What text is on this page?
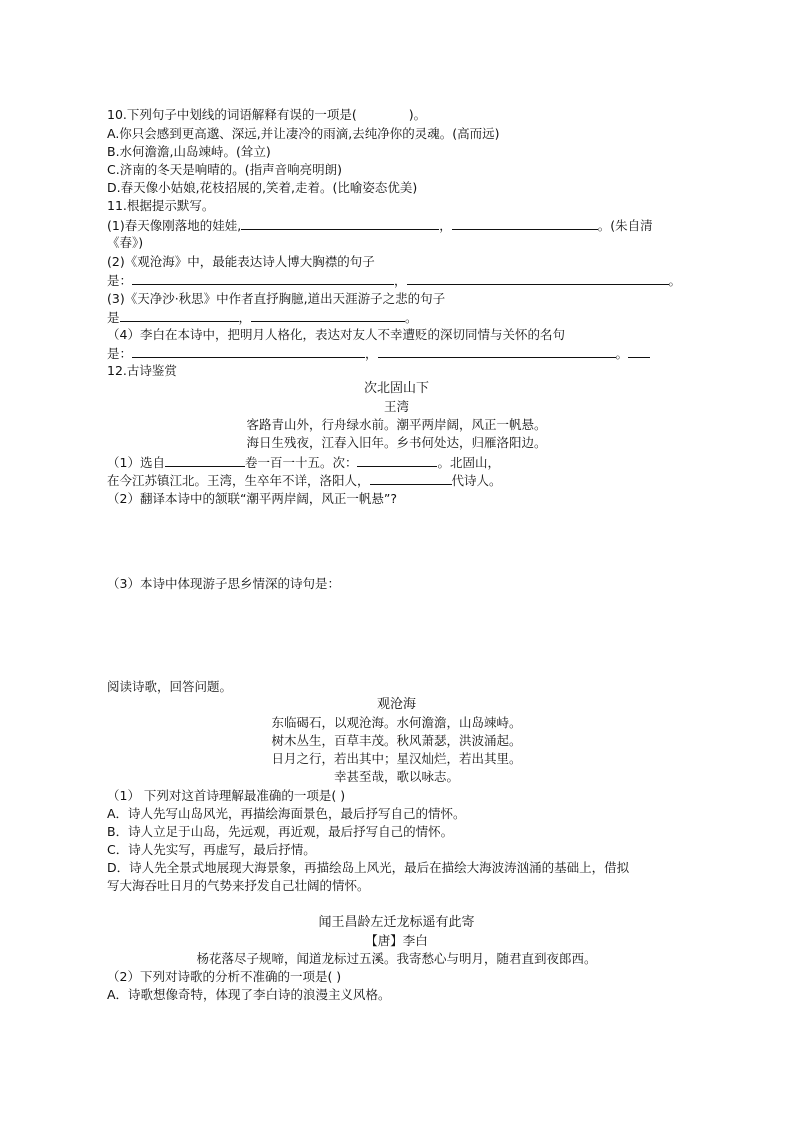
10.下列句子中划线的词语解释有误的一项是(	)。
A.你只会感到更高邈、深远,并让凄冷的雨滴,去纯净你的灵魂。(高而远)
B.水何澹澹,山岛竦峙。(耸立)
C.济南的冬天是响晴的。(指声音响亮明朗)
D.春天像小姑娘,花枝招展的,笑着,走着。(比喻姿态优美)
11.根据提示默写。
(1)春天像刚落地的娃娃,	，	。(朱自清
《春》)
(2)《观沧海》中，最能表达诗人博大胸襟的句子
是：	，	。
(3)《天净沙·秋思》中作者直抒胸臆,道出天涯游子之悲的句子
是	，	。
（4）李白在本诗中，把明月人格化，表达对友人不幸遭贬的深切同情与关怀的名句
是：	，	。
12.古诗鉴赏
次北固山下
王湾
客路青山外，行舟绿水前。潮平两岸阔，风正一帆悬。
海日生残夜，江春入旧年。乡书何处达，归雁洛阳边。
（1）选自	卷一百一十五。次：	。北固山，
在今江苏镇江北。王湾，生卒年不详，洛阳人，	代诗人。
（2）翻译本诗中的颔联“潮平两岸阔，风正一帆悬”?
（3）本诗中体现游子思乡情深的诗句是：
阅读诗歌，回答问题。
观沧海
东临碣石，以观沧海。水何澹澹，山岛竦峙。
树木丛生，百草丰茂。秋风萧瑟，洪波涌起。
日月之行，若出其中；星汉灿烂，若出其里。
幸甚至哉，歌以咏志。
（1） 下列对这首诗理解最准确的一项是( )
A．诗人先写山岛风光，再描绘海面景色，最后抒写自己的情怀。
B．诗人立足于山岛，先远观，再近观，最后抒写自己的情怀。
C．诗人先实写，再虚写，最后抒情。
D．诗人先全景式地展现大海景象，再描绘岛上风光，最后在描绘大海波涛汹涌的基础上，借拟
写大海吞吐日月的气势来抒发自己壮阔的情怀。
闻王昌龄左迁龙标遥有此寄
【唐】李白
杨花落尽子规啼，闻道龙标过五溪。我寄愁心与明月，随君直到夜郎西。
（2）下列对诗歌的分析不准确的一项是( )
A．诗歌想像奇特，体现了李白诗的浪漫主义风格。
